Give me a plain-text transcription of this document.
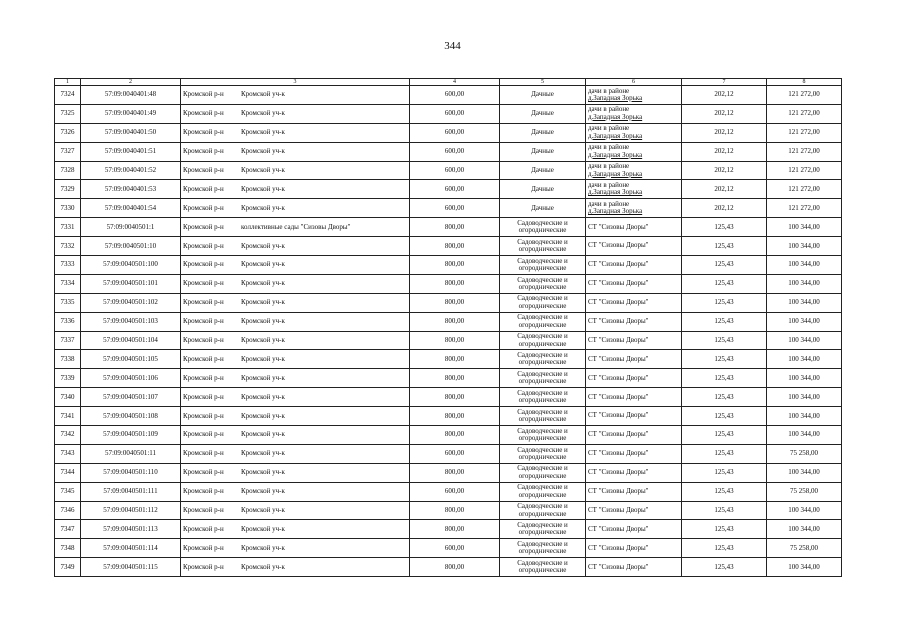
344
1	2	3	4	5	6	7	8
7324	57:09:0040401:48	Кромской р-н Кромской уч-к	600,00	Дачные	дачи в районе
д.Западная Зорька	202,12	121 272,00
7325	57:09:0040401:49	Кромской р-н Кромской уч-к	600,00	Дачные	дачи в районе
д.Западная Зорька	202,12	121 272,00
7326	57:09:0040401:50	Кромской р-н Кромской уч-к	600,00	Дачные	дачи в районе
д.Западная Зорька	202,12	121 272,00
7327	57:09:0040401:51	Кромской р-н Кромской уч-к	600,00	Дачные	дачи в районе
д.Западная Зорька	202,12	121 272,00
7328	57:09:0040401:52	Кромской р-н Кромской уч-к	600,00	Дачные	дачи в районе
д.Западная Зорька	202,12	121 272,00
7329	57:09:0040401:53	Кромской р-н Кромской уч-к	600,00	Дачные	дачи в районе
д.Западная Зорька	202,12	121 272,00
7330	57:09:0040401:54	Кромской р-н Кромской уч-к	600,00	Дачные	дачи в районе
д.Западная Зорька	202,12	121 272,00
7331	57:09:0040501:1	Кромской р-н коллективные сады "Сизовы Дворы"	800,00	Садоводческие и
огороднические	СТ "Сизовы Дворы"	125,43	100 344,00
7332	57:09:0040501:10	Кромской р-н Кромской уч-к	800,00	Садоводческие и
огороднические	СТ "Сизовы Дворы"	125,43	100 344,00
7333	57:09:0040501:100	Кромской р-н Кромской уч-к	800,00	Садоводческие и
огороднические	СТ "Сизовы Дворы"	125,43	100 344,00
7334	57:09:0040501:101	Кромской р-н Кромской уч-к	800,00	Садоводческие и
огороднические	СТ "Сизовы Дворы"	125,43	100 344,00
7335	57:09:0040501:102	Кромской р-н Кромской уч-к	800,00	Садоводческие и
огороднические	СТ "Сизовы Дворы"	125,43	100 344,00
7336	57:09:0040501:103	Кромской р-н Кромской уч-к	800,00	Садоводческие и
огороднические	СТ "Сизовы Дворы"	125,43	100 344,00
7337	57:09:0040501:104	Кромской р-н Кромской уч-к	800,00	Садоводческие и
огороднические	СТ "Сизовы Дворы"	125,43	100 344,00
7338	57:09:0040501:105	Кромской р-н Кромской уч-к	800,00	Садоводческие и
огороднические	СТ "Сизовы Дворы"	125,43	100 344,00
7339	57:09:0040501:106	Кромской р-н Кромской уч-к	800,00	Садоводческие и
огороднические	СТ "Сизовы Дворы"	125,43	100 344,00
7340	57:09:0040501:107	Кромской р-н Кромской уч-к	800,00	Садоводческие и
огороднические	СТ "Сизовы Дворы"	125,43	100 344,00
7341	57:09:0040501:108	Кромской р-н Кромской уч-к	800,00	Садоводческие и
огороднические	СТ "Сизовы Дворы"	125,43	100 344,00
7342	57:09:0040501:109	Кромской р-н Кромской уч-к	800,00	Садоводческие и
огороднические	СТ "Сизовы Дворы"	125,43	100 344,00
7343	57:09:0040501:11	Кромской р-н Кромской уч-к	600,00	Садоводческие и
огороднические	СТ "Сизовы Дворы"	125,43	75 258,00
7344	57:09:0040501:110	Кромской р-н Кромской уч-к	800,00	Садоводческие и
огороднические	СТ "Сизовы Дворы"	125,43	100 344,00
7345	57:09:0040501:111	Кромской р-н Кромской уч-к	600,00	Садоводческие и
огороднические	СТ "Сизовы Дворы"	125,43	75 258,00
7346	57:09:0040501:112	Кромской р-н Кромской уч-к	800,00	Садоводческие и
огороднические	СТ "Сизовы Дворы"	125,43	100 344,00
7347	57:09:0040501:113	Кромской р-н Кромской уч-к	800,00	Садоводческие и
огороднические	СТ "Сизовы Дворы"	125,43	100 344,00
7348	57:09:0040501:114	Кромской р-н Кромской уч-к	600,00	Садоводческие и
огороднические	СТ "Сизовы Дворы"	125,43	75 258,00
7349	57:09:0040501:115	Кромской р-н Кромской уч-к	800,00	Садоводческие и
огороднические	СТ "Сизовы Дворы"	125,43	100 344,00
